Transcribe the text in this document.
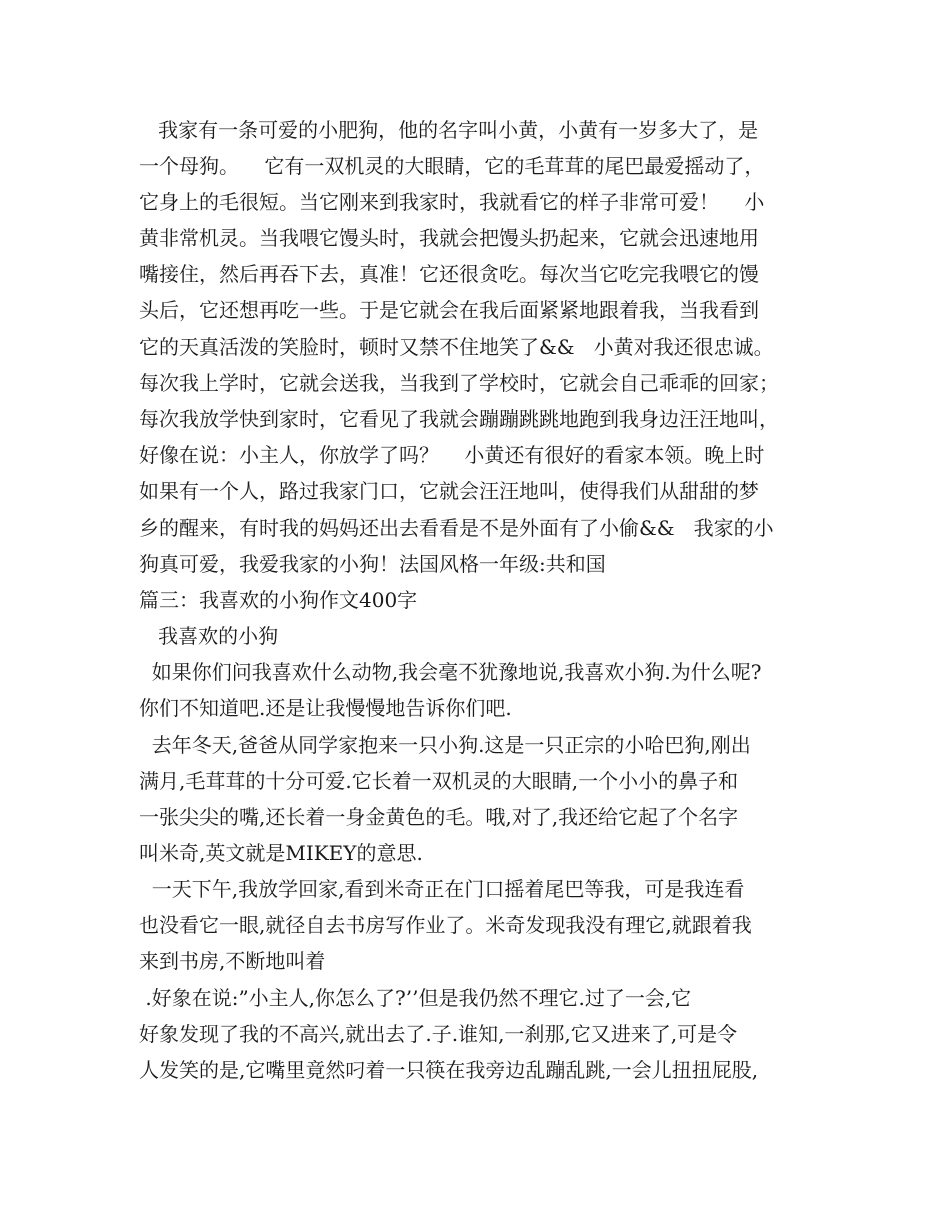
我家有一条可爱的小肥狗，他的名字叫小黄，小黄有一岁多大了，是
一个母狗。    它有一双机灵的大眼睛，它的毛茸茸的尾巴最爱摇动了，
它身上的毛很短。当它刚来到我家时，我就看它的样子非常可爱！    小
黄非常机灵。当我喂它馒头时，我就会把馒头扔起来，它就会迅速地用
嘴接住，然后再吞下去，真准！它还很贪吃。每次当它吃完我喂它的馒
头后，它还想再吃一些。于是它就会在我后面紧紧地跟着我，当我看到
它的天真活泼的笑脸时，顿时又禁不住地笑了&&   小黄对我还很忠诚。
每次我上学时，它就会送我，当我到了学校时，它就会自己乖乖的回家；
每次我放学快到家时，它看见了我就会蹦蹦跳跳地跑到我身边汪汪地叫，
好像在说：小主人，你放学了吗？    小黄还有很好的看家本领。晚上时
如果有一个人，路过我家门口，它就会汪汪地叫，使得我们从甜甜的梦
乡的醒来，有时我的妈妈还出去看看是不是外面有了小偷&&   我家的小
狗真可爱，我爱我家的小狗！法国风格一年级:共和国
篇三：我喜欢的小狗作文400字
我喜欢的小狗
如果你们问我喜欢什么动物,我会毫不犹豫地说,我喜欢小狗.为什么呢?
你们不知道吧.还是让我慢慢地告诉你们吧.
去年冬天,爸爸从同学家抱来一只小狗.这是一只正宗的小哈巴狗,刚出
满月,毛茸茸的十分可爱.它长着一双机灵的大眼睛,一个小小的鼻子和
一张尖尖的嘴,还长着一身金黄色的毛。哦,对了,我还给它起了个名字
叫米奇,英文就是MIKEY的意思.
一天下午,我放学回家,看到米奇正在门口摇着尾巴等我，可是我连看
也没看它一眼,就径自去书房写作业了。米奇发现我没有理它,就跟着我
来到书房,不断地叫着
.好象在说:”小主人,你怎么了?’’但是我仍然不理它.过了一会,它
好象发现了我的不高兴,就出去了.子.谁知,一刹那,它又进来了,可是令
人发笑的是,它嘴里竟然叼着一只筷在我旁边乱蹦乱跳,一会儿扭扭屁股,
